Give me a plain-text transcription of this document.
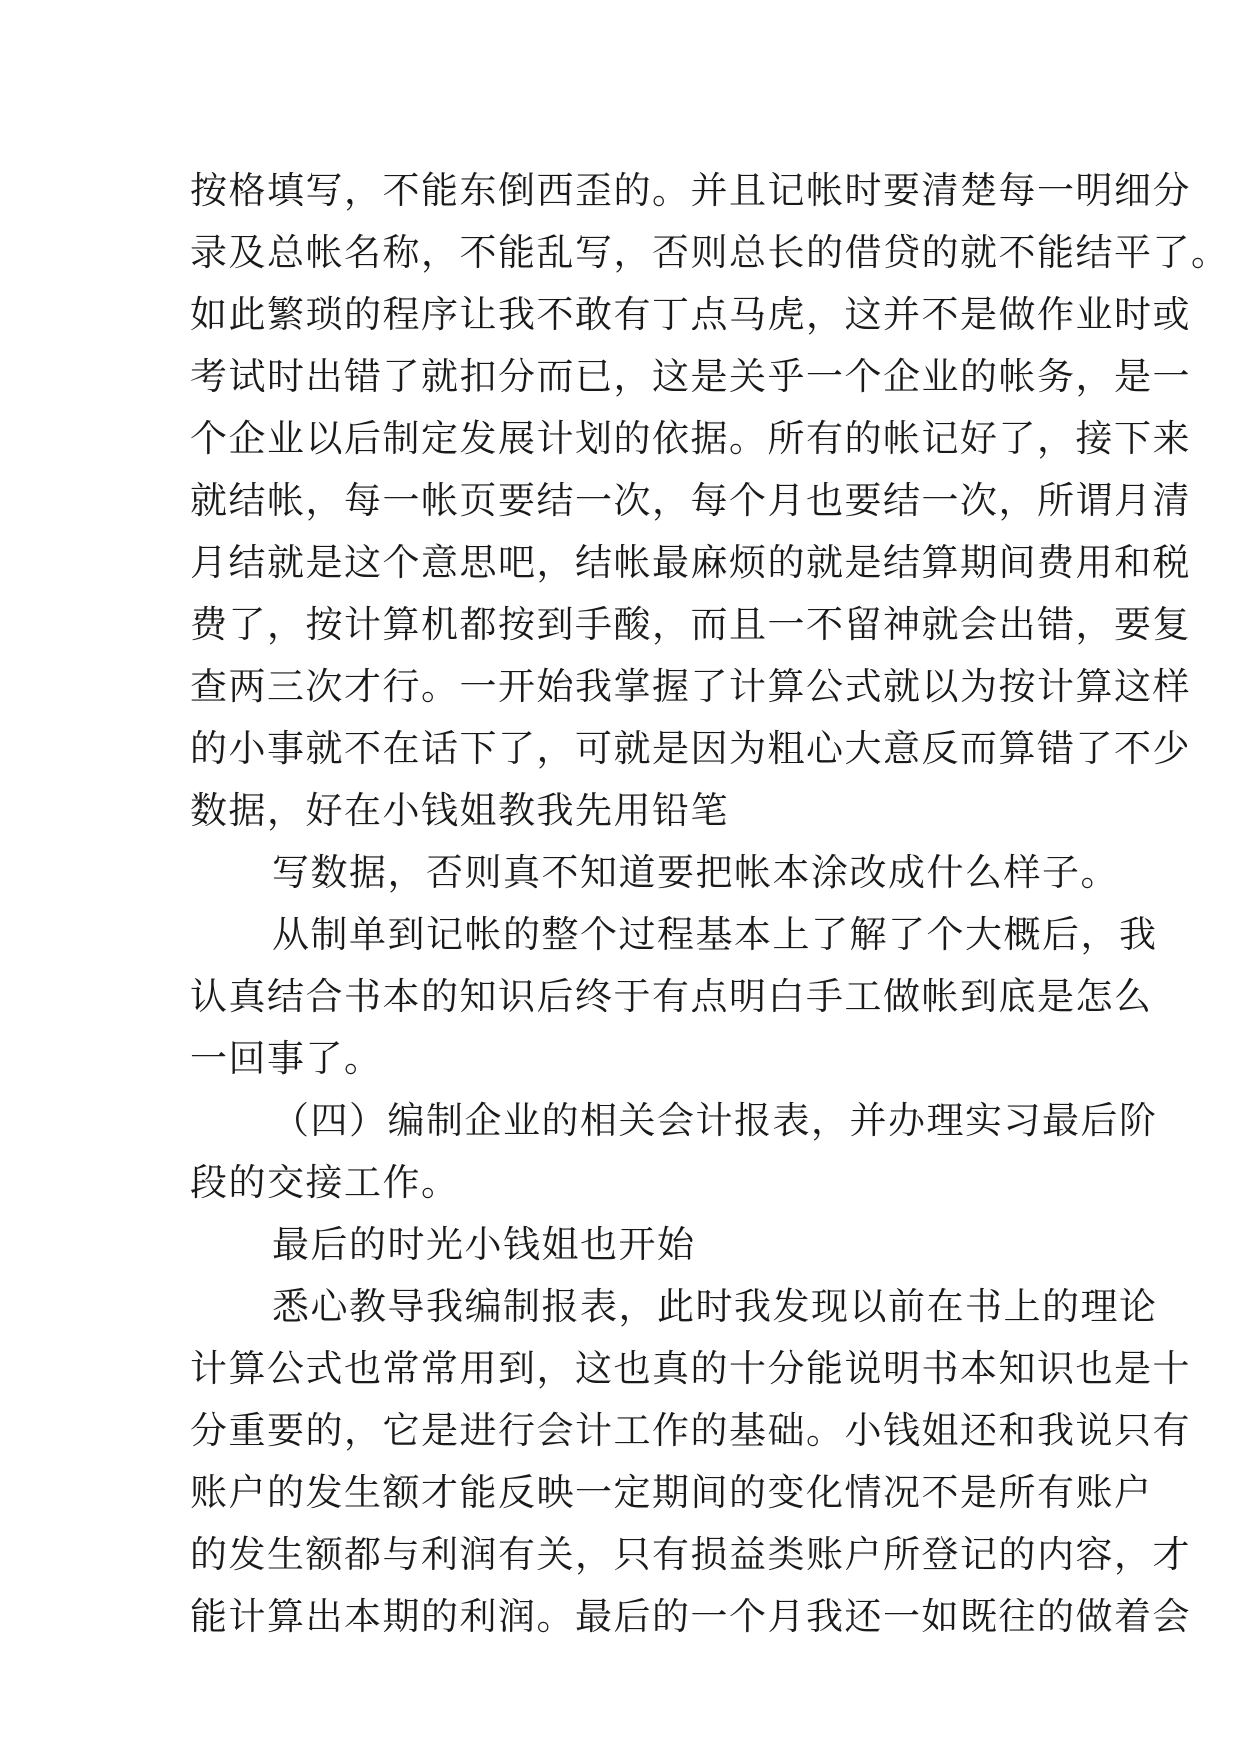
按格填写，不能东倒西歪的。并且记帐时要清楚每一明细分
录及总帐名称，不能乱写，否则总长的借贷的就不能结平了。
如此繁琐的程序让我不敢有丁点马虎，这并不是做作业时或
考试时出错了就扣分而已，这是关乎一个企业的帐务，是一
个企业以后制定发展计划的依据。所有的帐记好了，接下来
就结帐，每一帐页要结一次，每个月也要结一次，所谓月清
月结就是这个意思吧，结帐最麻烦的就是结算期间费用和税
费了，按计算机都按到手酸，而且一不留神就会出错，要复
查两三次才行。一开始我掌握了计算公式就以为按计算这样
的小事就不在话下了，可就是因为粗心大意反而算错了不少
数据，好在小钱姐教我先用铅笔
写数据，否则真不知道要把帐本涂改成什么样子。
从制单到记帐的整个过程基本上了解了个大概后，我
认真结合书本的知识后终于有点明白手工做帐到底是怎么
一回事了。
（四）编制企业的相关会计报表，并办理实习最后阶
段的交接工作。
最后的时光小钱姐也开始
悉心教导我编制报表，此时我发现以前在书上的理论
计算公式也常常用到，这也真的十分能说明书本知识也是十
分重要的，它是进行会计工作的基础。小钱姐还和我说只有
账户的发生额才能反映一定期间的变化情况不是所有账户
的发生额都与利润有关，只有损益类账户所登记的内容，才
能计算出本期的利润。最后的一个月我还一如既往的做着会
